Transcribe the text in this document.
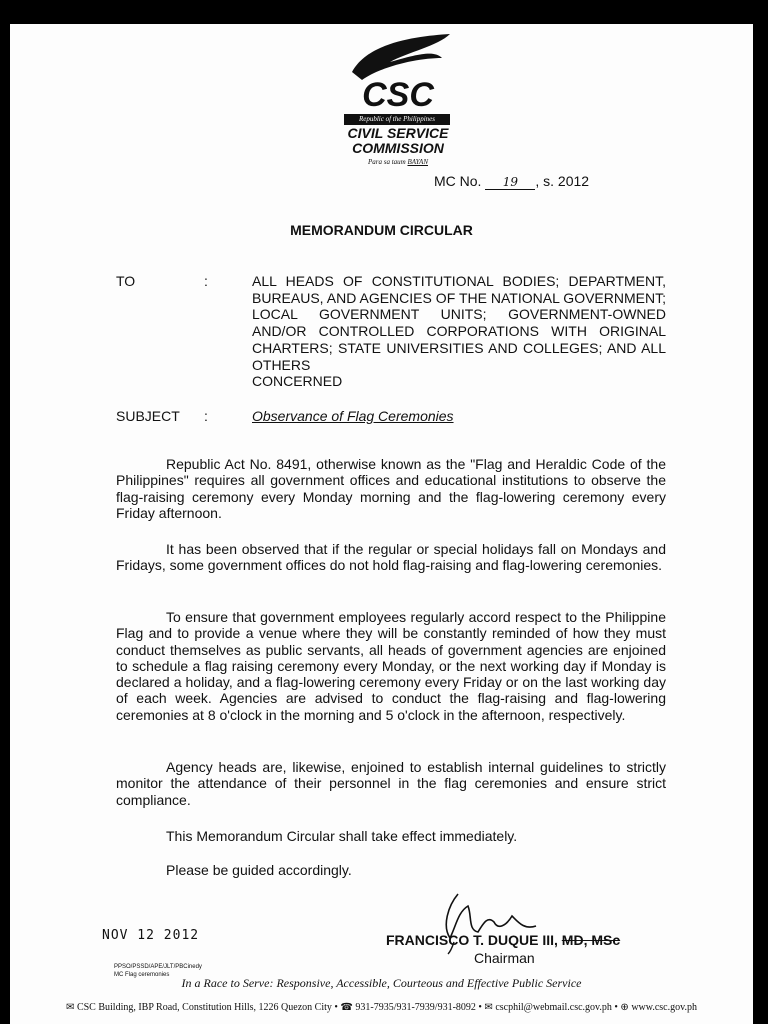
CSC
Republic of the Philippines
CIVIL SERVICE
COMMISSION
Para sa taum BAYAN
MC No. 19 , s. 2012
MEMORANDUM CIRCULAR
TO	:	ALL HEADS OF CONSTITUTIONAL BODIES; DEPARTMENT, BUREAUS, AND AGENCIES OF THE NATIONAL GOVERNMENT; LOCAL GOVERNMENT UNITS; GOVERNMENT-OWNED AND/OR CONTROLLED CORPORATIONS WITH ORIGINAL CHARTERS; STATE UNIVERSITIES AND COLLEGES; AND ALL OTHERS
CONCERNED
SUBJECT :	Observance of Flag Ceremonies
Republic Act No. 8491, otherwise known as the "Flag and Heraldic Code of the Philippines" requires all government offices and educational institutions to observe the flag-raising ceremony every Monday morning and the flag-lowering ceremony every Friday afternoon.
It has been observed that if the regular or special holidays fall on Mondays and Fridays, some government offices do not hold flag-raising and flag-lowering ceremonies.
To ensure that government employees regularly accord respect to the Philippine Flag and to provide a venue where they will be constantly reminded of how they must conduct themselves as public servants, all heads of government agencies are enjoined to schedule a flag raising ceremony every Monday, or the next working day if Monday is declared a holiday, and a flag-lowering ceremony every Friday or on the last working day of each week. Agencies are advised to conduct the flag-raising and flag-lowering ceremonies at 8 o'clock in the morning and 5 o'clock in the afternoon, respectively.
Agency heads are, likewise, enjoined to establish internal guidelines to strictly monitor the attendance of their personnel in the flag ceremonies and ensure strict compliance.
This Memorandum Circular shall take effect immediately.
Please be guided accordingly.
NOV 12 2012
PPSO/PSSD/APE/JLT/PBCinedy
MC Flag ceremonies
FRANCISCO T. DUQUE III, MD, MSc
Chairman
In a Race to Serve: Responsive, Accessible, Courteous and Effective Public Service
✉ CSC Building, IBP Road, Constitution Hills, 1226 Quezon City • ☎ 931-7935/931-7939/931-8092 • ✉ cscphil@webmail.csc.gov.ph • ⊕ www.csc.gov.ph
